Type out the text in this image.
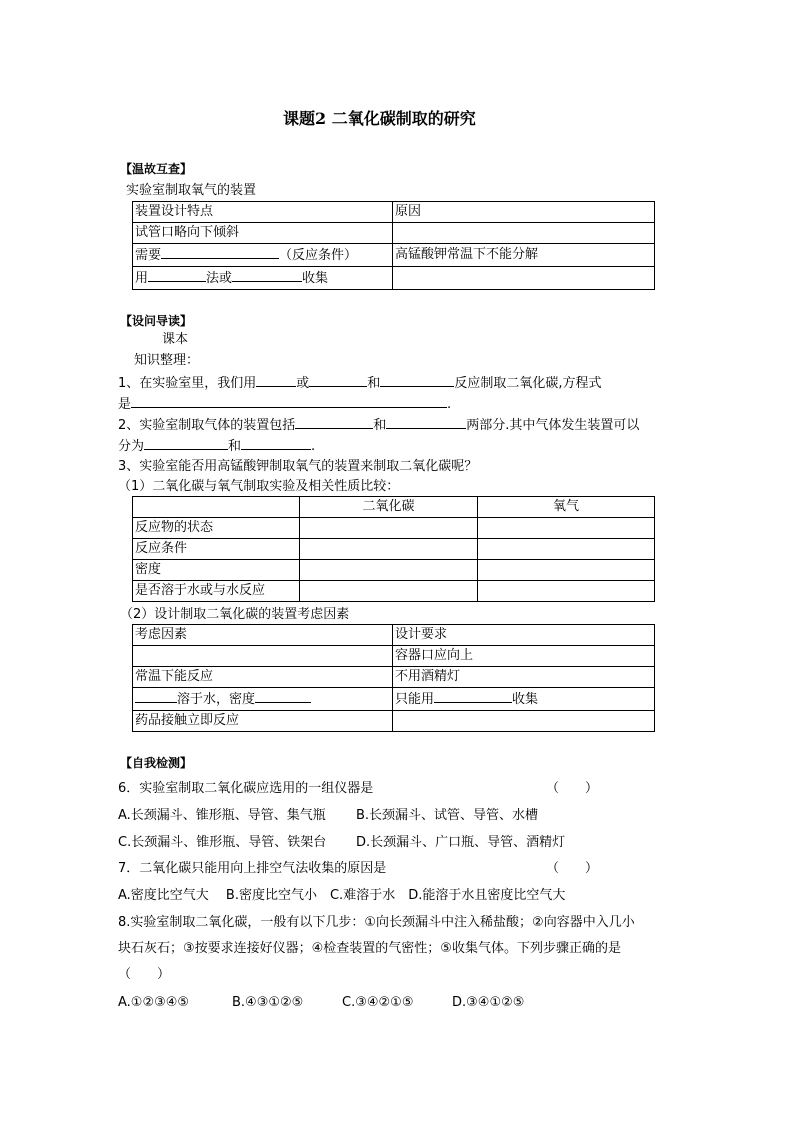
课题2 二氧化碳制取的研究
【温故互查】
实验室制取氧气的装置
装置设计特点	原因
试管口略向下倾斜	
需要 （反应条件）	高锰酸钾常温下不能分解
用 法或 收集	
【设问导读】
课本
知识整理：
1、在实验室里，我们用	或	和	反应制取二氧化碳,方程式
是	.
2、实验室制取气体的装置包括	和	两部分.其中气体发生装置可以
分为	和	.
3、实验室能否用高锰酸钾制取氧气的装置来制取二氧化碳呢？
（1）二氧化碳与氧气制取实验及相关性质比较：
	二氧化碳	氧气
反应物的状态		
反应条件		
密度		
是否溶于水或与水反应		
（2）设计制取二氧化碳的装置考虑因素
考虑因素	设计要求
	容器口应向上
常温下能反应	不用酒精灯
溶于水，密度	只能用 收集
药品接触立即反应	
【自我检测】
6．实验室制取二氧化碳应选用的一组仪器是	（　　）
A.长颈漏斗、锥形瓶、导管、集气瓶 B.长颈漏斗、试管、导管、水槽
C.长颈漏斗、锥形瓶、导管、铁架台 D.长颈漏斗、广口瓶、导管、酒精灯
7．二氧化碳只能用向上排空气法收集的原因是	（　　）
A.密度比空气大　 B.密度比空气小　C.难溶于水　D.能溶于水且密度比空气大
8.实验室制取二氧化碳，一般有以下几步：①向长颈漏斗中注入稀盐酸；②向容器中入几小
块石灰石；③按要求连接好仪器；④检查装置的气密性；⑤收集气体。下列步骤正确的是
（　　）
A.①②③④⑤	B.④③①②⑤	C.③④②①⑤	D.③④①②⑤
